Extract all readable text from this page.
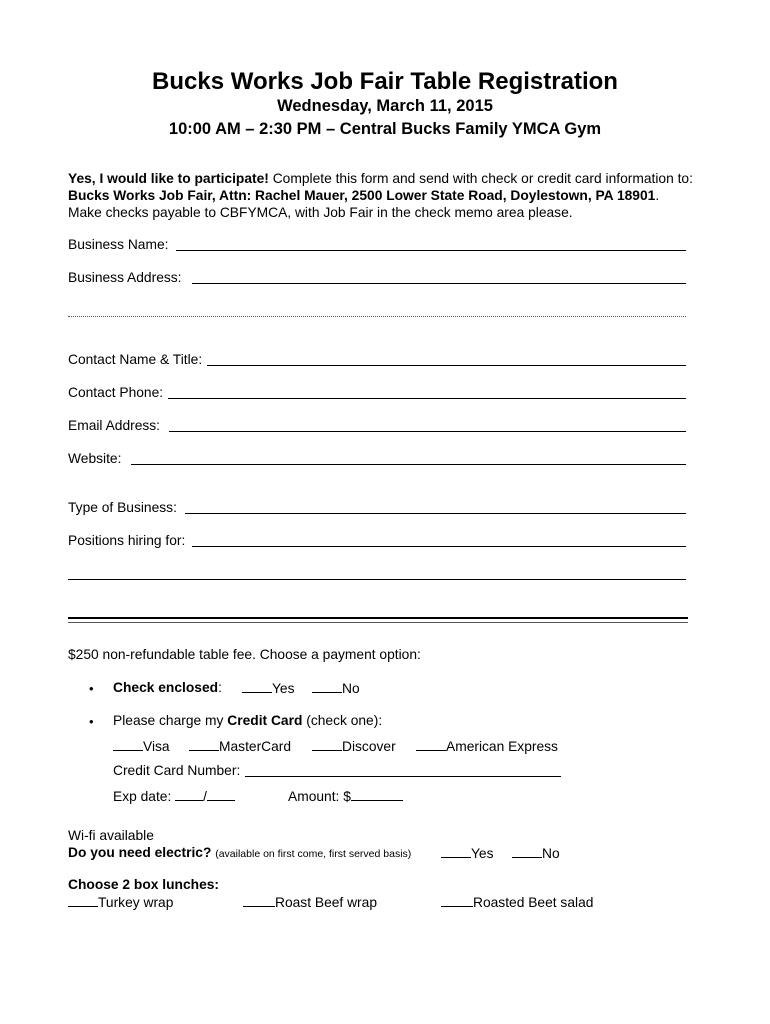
Bucks Works Job Fair Table Registration
Wednesday, March 11, 2015
10:00 AM – 2:30 PM – Central Bucks Family YMCA Gym
Yes, I would like to participate! Complete this form and send with check or credit card information to:
Bucks Works Job Fair, Attn: Rachel Mauer, 2500 Lower State Road, Doylestown, PA 18901.
Make checks payable to CBFYMCA, with Job Fair in the check memo area please.
Business Name:
Business Address:
Contact Name & Title:
Contact Phone:
Email Address:
Website:
Type of Business:
Positions hiring for:
$250 non-refundable table fee. Choose a payment option:
• Check enclosed:	Yes	No
• Please charge my Credit Card (check one):
Visa	MasterCard	Discover	American Express
Credit Card Number:
Exp date: /	Amount: $
Wi-fi available
Do you need electric? (available on first come, first served basis)	Yes	No
Choose 2 box lunches:
Turkey wrap	Roast Beef wrap	Roasted Beet salad
